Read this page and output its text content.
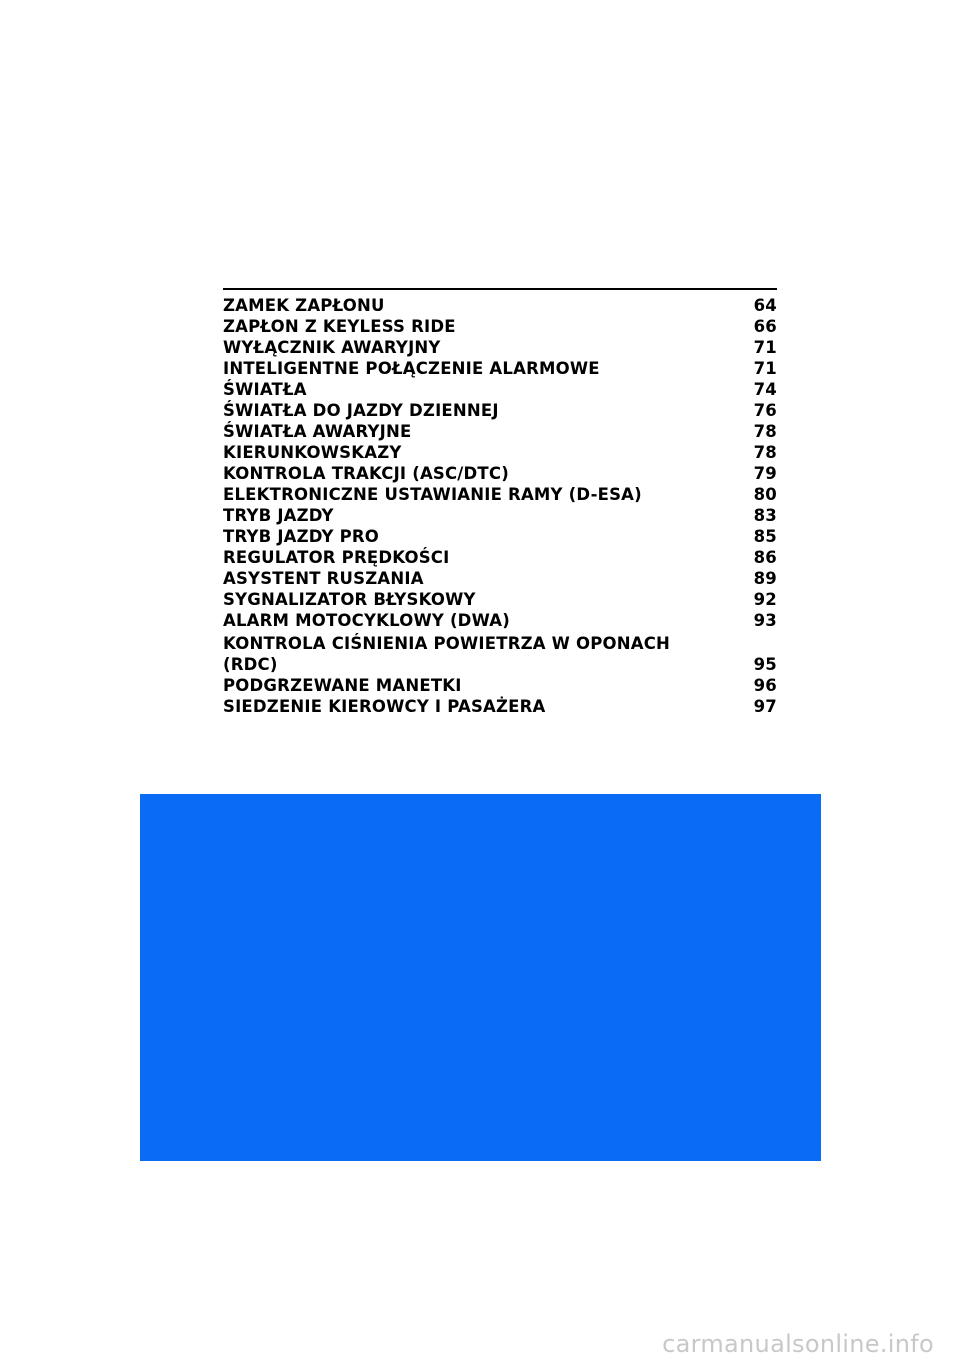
ZAMEK ZAPŁONU	64
ZAPŁON Z KEYLESS RIDE	66
WYŁĄCZNIK AWARYJNY	71
INTELIGENTNE POŁĄCZENIE ALARMOWE	71
ŚWIATŁA	74
ŚWIATŁA DO JAZDY DZIENNEJ	76
ŚWIATŁA AWARYJNE	78
KIERUNKOWSKAZY	78
KONTROLA TRAKCJI (ASC/DTC)	79
ELEKTRONICZNE USTAWIANIE RAMY (D-ESA)	80
TRYB JAZDY	83
TRYB JAZDY PRO	85
REGULATOR PRĘDKOŚCI	86
ASYSTENT RUSZANIA	89
SYGNALIZATOR BŁYSKOWY	92
ALARM MOTOCYKLOWY (DWA)	93
KONTROLA CIŚNIENIA POWIETRZA W OPONACH (RDC)	95
PODGRZEWANE MANETKI	96
SIEDZENIE KIEROWCY I PASAŻERA	97
carmanualsonline.info
